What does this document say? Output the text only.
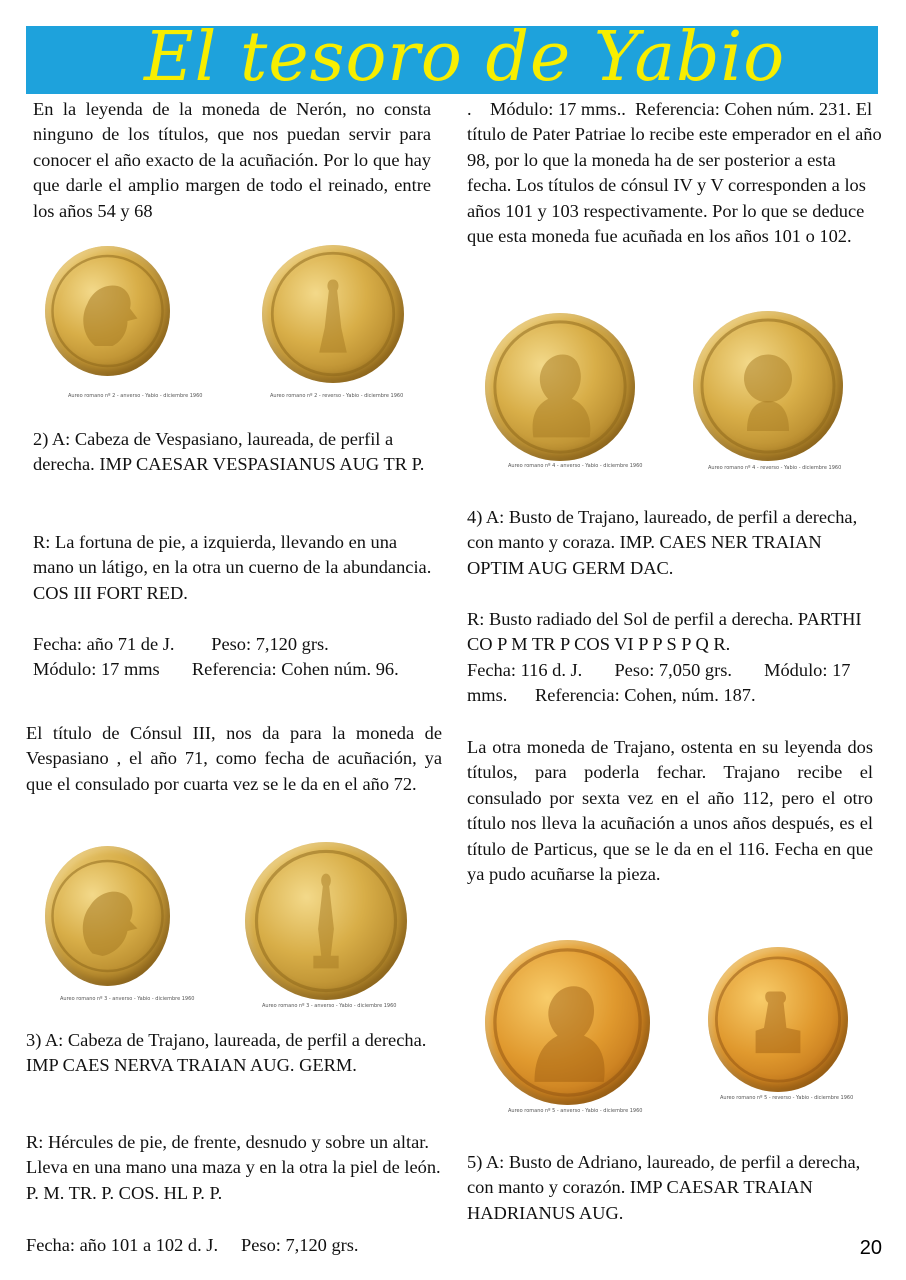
El tesoro de Yabio
En la leyenda de la moneda de Nerón, no consta ninguno de los títulos, que nos puedan servir para conocer el año exacto de la acuñación. Por lo que hay que darle el amplio margen de todo el reinado, entre los años 54 y 68
Aureo romano nº 2 - anverso - Yabio - diciembre 1960	Aureo romano nº 2 - reverso - Yabio - diciembre 1960
2) A: Cabeza de Vespasiano, laureada, de perfil a derecha. IMP CAESAR VESPASIANUS AUG TR P.
R: La fortuna de pie, a izquierda, llevando en una mano un látigo, en la otra un cuerno de la abundancia. COS III FORT RED.
Fecha: año 71 de J.        Peso: 7,120 grs.
Módulo: 17 mms       Referencia: Cohen núm. 96.
El título de Cónsul III, nos da para la moneda de Vespasiano , el año 71, como fecha de acuñación, ya que el consulado por cuarta vez se le da en el año 72.
Aureo romano nº 3 - anverso - Yabio - diciembre 1960
Aureo romano nº 3 - anverso - Yabio - diciembre 1960
3) A: Cabeza de Trajano, laureada, de perfil a derecha. IMP CAES NERVA TRAIAN AUG. GERM.
R: Hércules de pie, de frente, desnudo y sobre un altar. Lleva en una mano una maza y en la otra la piel de león. P. M. TR. P. COS. HL P. P.
Fecha: año 101 a 102 d. J.     Peso: 7,120 grs.
.    Módulo: 17 mms..  Referencia: Cohen núm. 231. El título de Pater Patriae lo recibe este emperador en el año 98, por lo que la moneda ha de ser posterior a esta fecha. Los títulos de cónsul IV y V corresponden a los años 101 y 103 respectivamente. Por lo que se deduce que esta moneda fue acuñada en los años 101 o 102.
Aureo romano nº 4 - anverso - Yabio - diciembre 1960	Aureo romano nº 4 - reverso - Yabio - diciembre 1960
4) A: Busto de Trajano, laureado, de perfil a derecha, con manto y coraza. IMP. CAES NER TRAIAN OPTIM AUG GERM DAC.
R: Busto radiado del Sol de perfil a derecha. PARTHI CO P M TR P COS VI P P S P Q R.
Fecha: 116 d. J.       Peso: 7,050 grs.       Módulo: 17 mms.      Referencia: Cohen, núm. 187.
La otra moneda de Trajano, ostenta en su leyenda dos títulos, para poderla fechar. Trajano recibe el consulado por sexta vez en el año 112, pero el otro título nos lleva la acuñación a unos años después, es el título de Particus, que se le da en el 116. Fecha en que ya pudo acuñarse la pieza.
Aureo romano nº 5 - anverso - Yabio - diciembre 1960
Aureo romano nº 5 - reverso - Yabio - diciembre 1960
5) A: Busto de Adriano, laureado, de perfil a derecha, con manto y corazón. IMP CAESAR TRAIAN HADRIANUS AUG.
20
